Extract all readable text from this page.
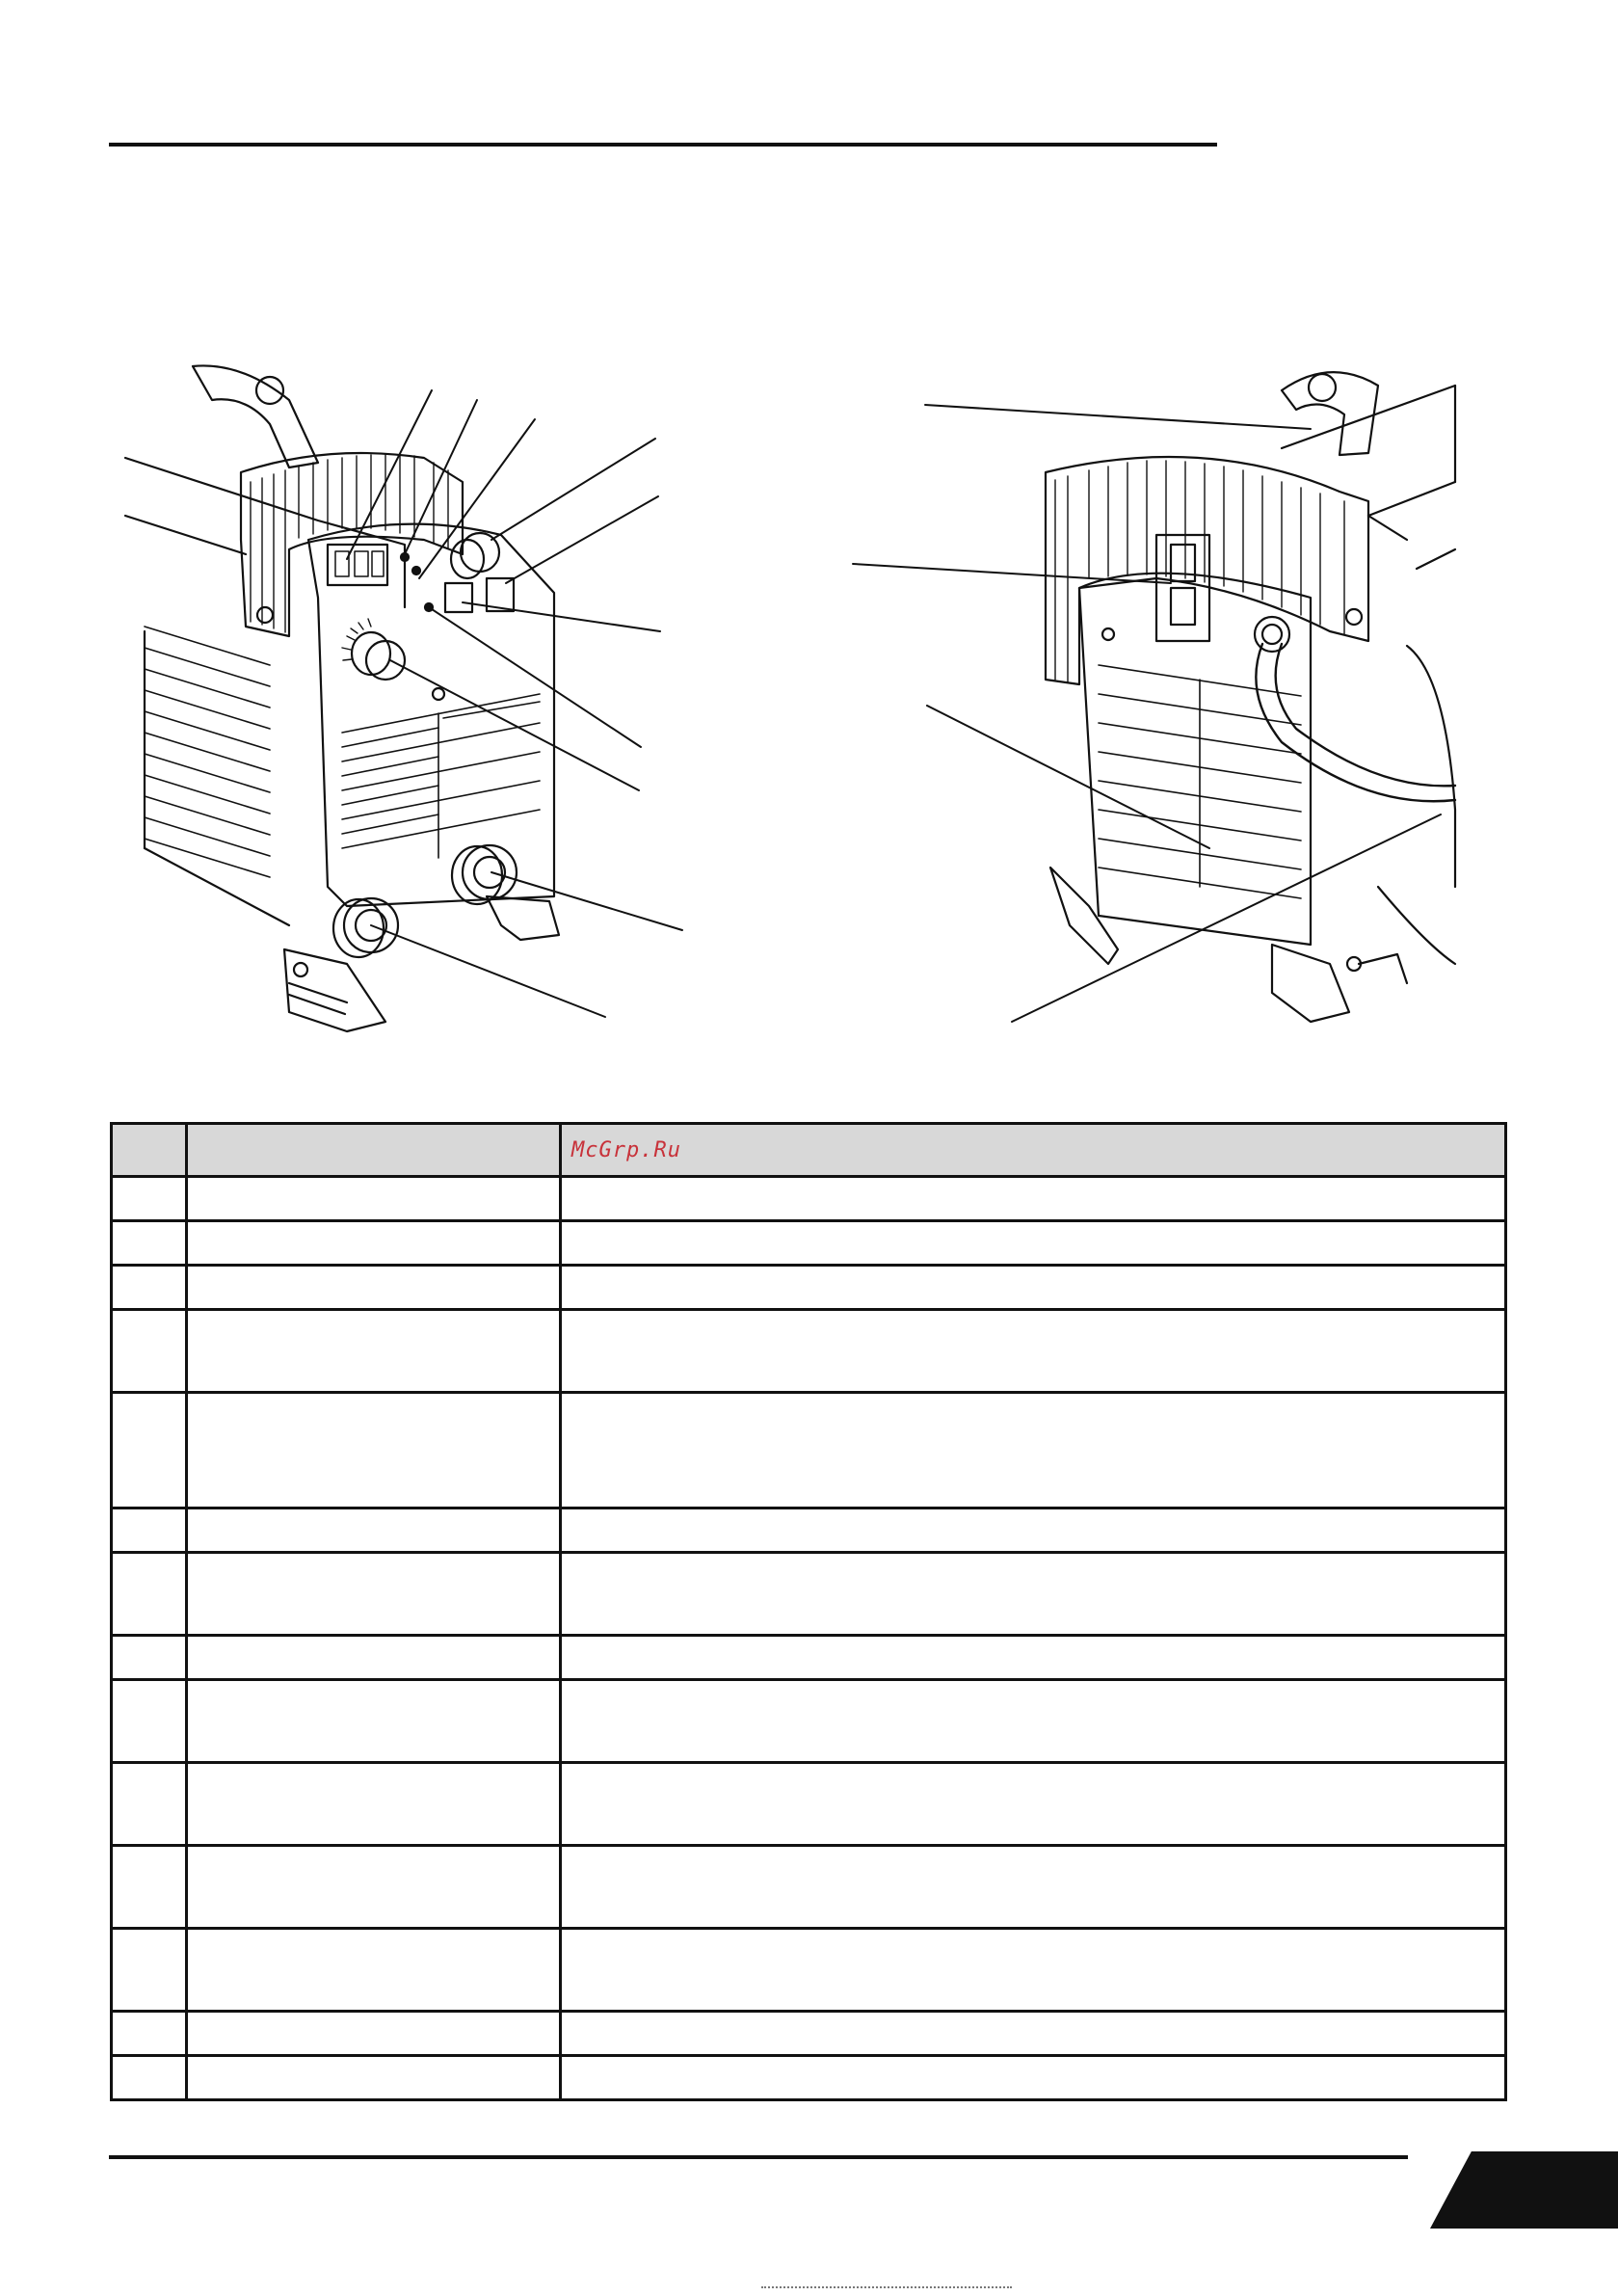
		McGrp.Ru
